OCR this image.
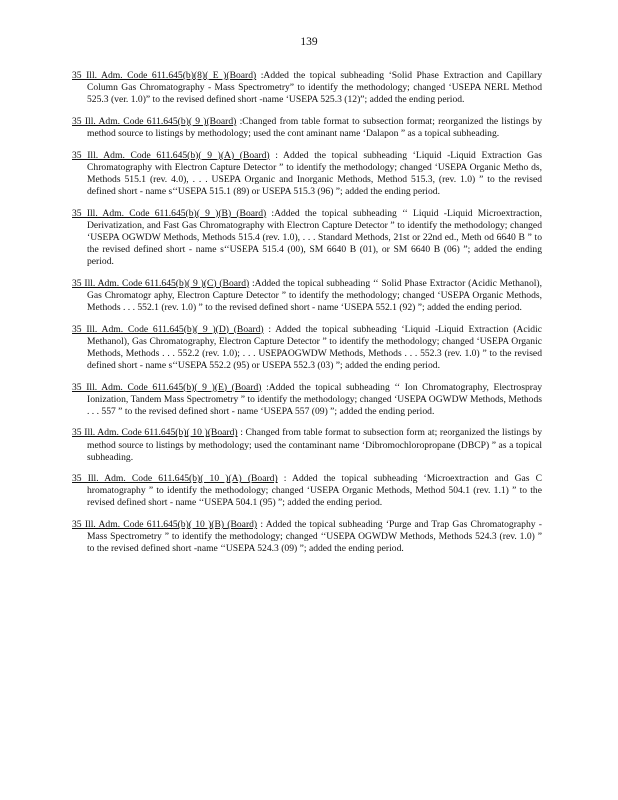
139

35 Ill. Adm. Code 611.645(b)(8)( E )(Board) :Added the topical subheading ‘Solid Phase Extraction and Capillary Column Gas Chromatography - Mass Spectrometry” to identify the methodology; changed ‘USEPA NERL Method 525.3 (ver. 1.0)” to the revised defined short -name ‘USEPA 525.3 (12)”; added the ending period.

35 Ill. Adm. Code 611.645(b)( 9 )(Board) :Changed from table format to subsection format; reorganized the listings by method source to listings by methodology; used the cont aminant name ‘Dalapon ” as a topical subheading.

35 Ill. Adm. Code 611.645(b)( 9 )(A) (Board) : Added the topical subheading ‘Liquid -Liquid Extraction Gas Chromatography with Electron Capture Detector ” to identify the methodology; changed ‘USEPA Organic Metho ds, Methods 515.1 (rev. 4.0), . . . USEPA Organic and Inorganic Methods, Method 515.3, (rev. 1.0) ” to the revised defined short - name s‘‘USEPA 515.1 (89) or USEPA 515.3 (96) ”; added the ending period.

35 Ill. Adm. Code 611.645(b)( 9 )(B) (Board) :Added the topical subheading ‘‘ Liquid -Liquid Microextraction, Derivatization, and Fast Gas Chromatography with Electron Capture Detector ” to identify the methodology; changed ‘USEPA OGWDW Methods, Methods 515.4 (rev. 1.0), . . . Standard Methods, 21st or 22nd ed., Meth od 6640 B ” to the revised defined short - name s‘‘USEPA 515.4 (00), SM 6640 B (01), or SM 6640 B (06) ”; added the ending period.

35 Ill. Adm. Code 611.645(b)( 9 )(C) (Board) :Added the topical subheading ‘‘ Solid Phase Extractor (Acidic Methanol), Gas Chromatogr aphy, Electron Capture Detector ” to identify the methodology; changed ‘USEPA Organic Methods, Methods . . . 552.1 (rev. 1.0) ” to the revised defined short - name ‘USEPA 552.1 (92) ”; added the ending period.

35 Ill. Adm. Code 611.645(b)( 9 )(D) (Board) : Added the topical subheading ‘Liquid -Liquid Extraction (Acidic Methanol), Gas Chromatography, Electron Capture Detector ” to identify the methodology; changed ‘USEPA Organic Methods, Methods . . . 552.2 (rev. 1.0); . . . USEPAOGWDW Methods, Methods . . . 552.3 (rev. 1.0) ” to the revised defined short - name s‘‘USEPA 552.2 (95) or USEPA 552.3 (03) ”; added the ending period.

35 Ill. Adm. Code 611.645(b)( 9 )(E) (Board) :Added the topical subheading ‘‘ Ion Chromatography, Electrospray Ionization, Tandem Mass Spectrometry ” to identify the methodology; changed ‘USEPA OGWDW Methods, Methods . . . 557 ” to the revised defined short - name ‘USEPA 557 (09) ”; added the ending period.

35 Ill. Adm. Code 611.645(b)( 10 )(Board) : Changed from table format to subsection form at; reorganized the listings by method source to listings by methodology; used the contaminant name ‘Dibromochloropropane (DBCP) ” as a topical subheading.

35 Ill. Adm. Code 611.645(b)( 10 )(A) (Board) : Added the topical subheading ‘Microextraction and Gas C hromatography ” to identify the methodology; changed ‘USEPA Organic Methods, Method 504.1 (rev. 1.1) ” to the revised defined short - name ‘‘USEPA 504.1 (95) ”; added the ending period.

35 Ill. Adm. Code 611.645(b)( 10 )(B) (Board) : Added the topical subheading ‘Purge and Trap Gas Chromatography -Mass Spectrometry ” to identify the methodology; changed ‘‘USEPA OGWDW Methods, Methods 524.3 (rev. 1.0) ” to the revised defined short -name ‘‘USEPA 524.3 (09) ”; added the ending period.
